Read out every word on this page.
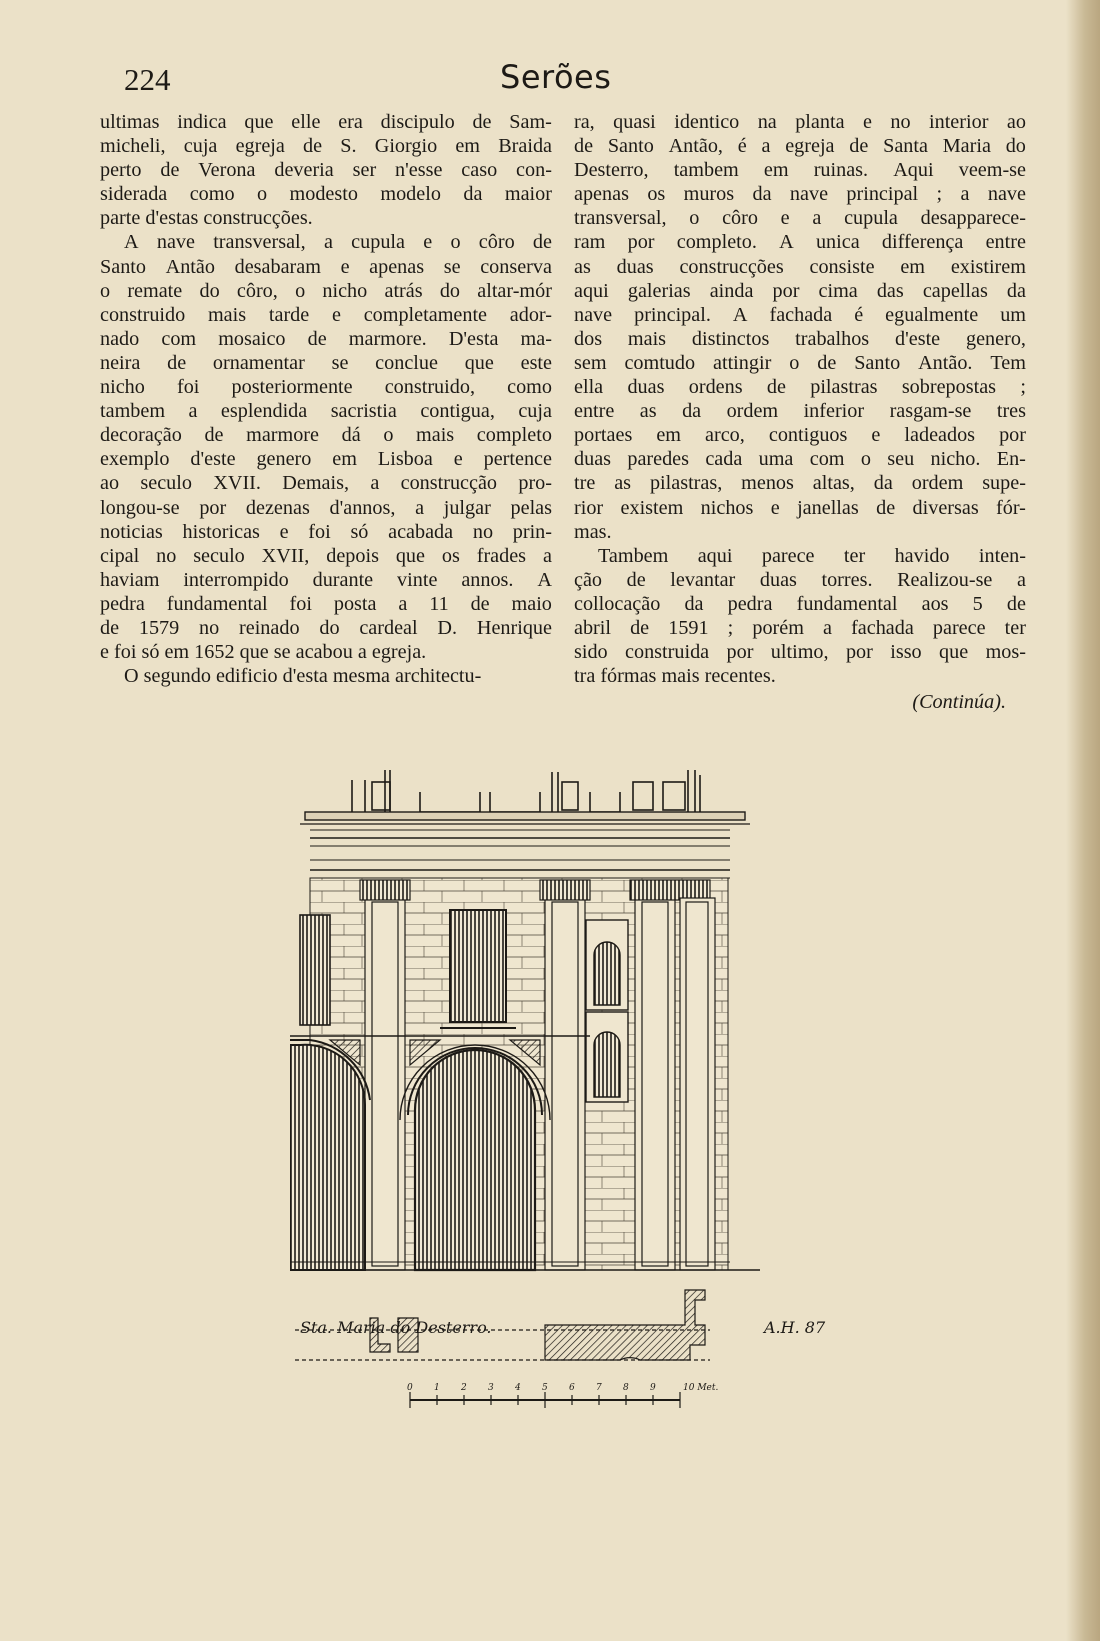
224	Serões
ultimas indica que elle era discipulo de Sam-
micheli, cuja egreja de S. Giorgio em Braida
perto de Verona deveria ser n'esse caso con-
siderada como o modesto modelo da maior
parte d'estas construcções.
A nave transversal, a cupula e o côro de
Santo Antão desabaram e apenas se conserva
o remate do côro, o nicho atrás do altar-mór
construido mais tarde e completamente ador-
nado com mosaico de marmore. D'esta ma-
neira de ornamentar se conclue que este
nicho foi posteriormente construido, como
tambem a esplendida sacristia contigua, cuja
decoração de marmore dá o mais completo
exemplo d'este genero em Lisboa e pertence
ao seculo XVII. Demais, a construcção pro-
longou-se por dezenas d'annos, a julgar pelas
noticias historicas e foi só acabada no prin-
cipal no seculo XVII, depois que os frades a
haviam interrompido durante vinte annos. A
pedra fundamental foi posta a 11 de maio
de 1579 no reinado do cardeal D. Henrique
e foi só em 1652 que se acabou a egreja.
O segundo edificio d'esta mesma architectu-
ra, quasi identico na planta e no interior ao
de Santo Antão, é a egreja de Santa Maria do
Desterro, tambem em ruinas. Aqui veem-se
apenas os muros da nave principal ; a nave
transversal, o côro e a cupula desapparece-
ram por completo. A unica differença entre
as duas construcções consiste em existirem
aqui galerias ainda por cima das capellas da
nave principal. A fachada é egualmente um
dos mais distinctos trabalhos d'este genero,
sem comtudo attingir o de Santo Antão. Tem
ella duas ordens de pilastras sobrepostas ;
entre as da ordem inferior rasgam-se tres
portaes em arco, contiguos e ladeados por
duas paredes cada uma com o seu nicho. En-
tre as pilastras, menos altas, da ordem supe-
rior existem nichos e janellas de diversas fór-
mas.
Tambem aqui parece ter havido inten-
ção de levantar duas torres. Realizou-se a
collocação da pedra fundamental aos 5 de
abril de 1591 ; porém a fachada parece ter
sido construida por ultimo, por isso que mos-
tra fórmas mais recentes.
(Continúa).
0 1 2 3 4 5 6 7 8 9	10 Met.
Sta. Maria do Desterro.	A.H. 87
